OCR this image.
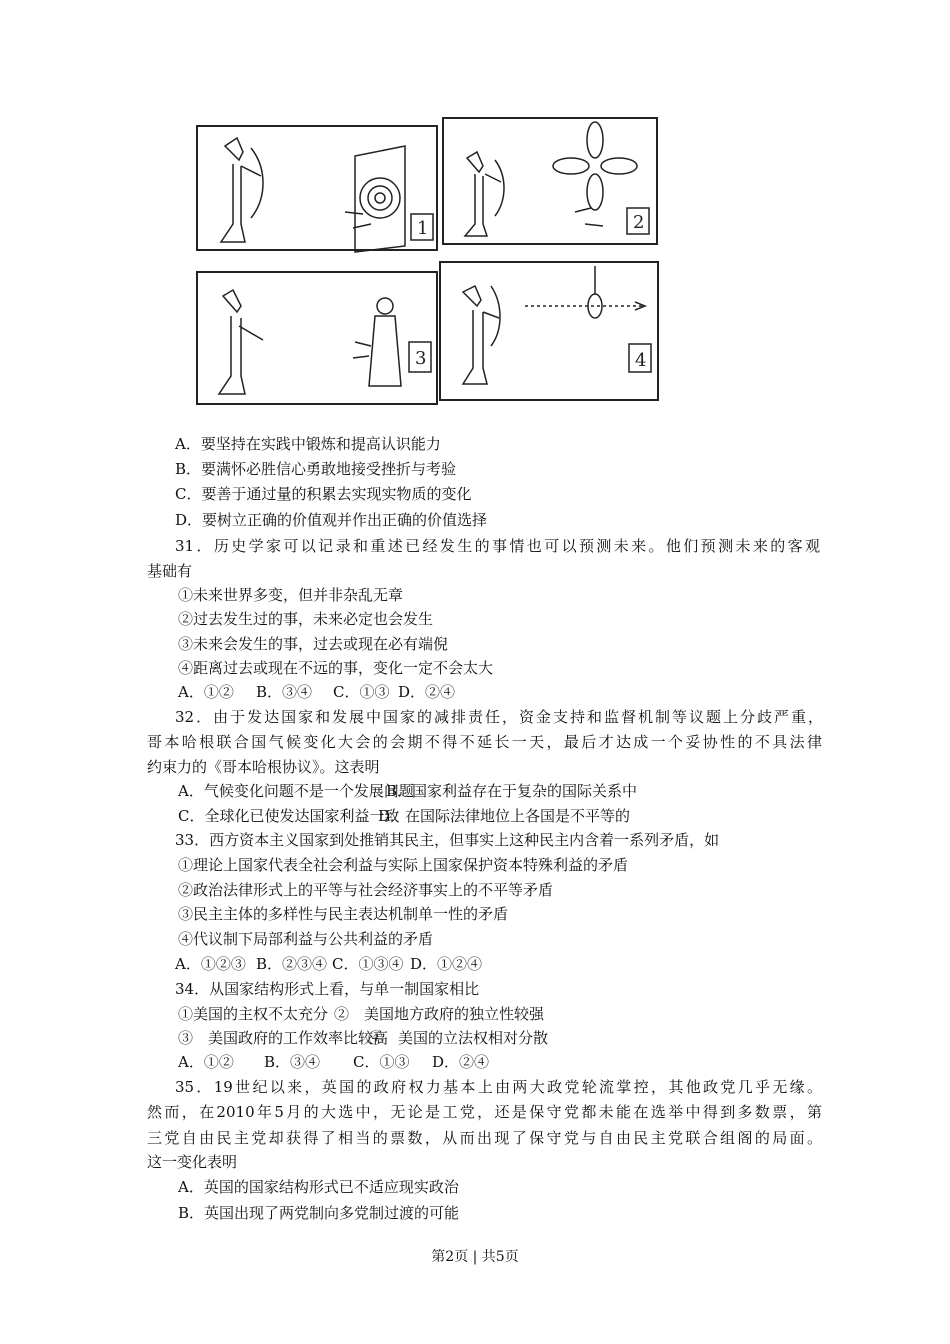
1	2
3	4
A．要坚持在实践中锻炼和提高认识能力
B．要满怀必胜信心勇敢地接受挫折与考验
C．要善于通过量的积累去实现实物质的变化
D．要树立正确的价值观并作出正确的价值选择
31．历史学家可以记录和重述已经发生的事情也可以预测未来。他们预测未来的客观
基础有
①未来世界多变，但并非杂乱无章
②过去发生过的事，未来必定也会发生
③未来会发生的事，过去或现在必有端倪
④距离过去或现在不远的事，变化一定不会太大
A．①② B．③④ C．①③ D．②④
32．由于发达国家和发展中国家的减排责任，资金支持和监督机制等议题上分歧严重，
哥本哈根联合国气候变化大会的会期不得不延长一天，最后才达成一个妥协性的不具法律
约束力的《哥本哈根协议》。这表明
A．气候变化问题不是一个发展问题
B．国家利益存在于复杂的国际关系中
C．全球化已使发达国家利益一致
D．在国际法律地位上各国是不平等的
33．西方资本主义国家到处推销其民主，但事实上这种民主内含着一系列矛盾，如
①理论上国家代表全社会利益与实际上国家保护资本特殊利益的矛盾
②政治法律形式上的平等与社会经济事实上的不平等矛盾
③民主主体的多样性与民主表达机制单一性的矛盾
④代议制下局部利益与公共利益的矛盾
A．①②③ B．②③④ C．①③④ D．①②④
34．从国家结构形式上看，与单一制国家相比
①美国的主权不太充分 ②　美国地方政府的独立性较强
③　美国政府的工作效率比较高
④　美国的立法权相对分散
A．①② B．③④ C．①③ D．②④
35．19世纪以来，英国的政府权力基本上由两大政党轮流掌控，其他政党几乎无缘。
然而，在2010年5月的大选中，无论是工党，还是保守党都未能在选举中得到多数票，第
三党自由民主党却获得了相当的票数，从而出现了保守党与自由民主党联合组阁的局面。
这一变化表明
A．英国的国家结构形式已不适应现实政治
B．英国出现了两党制向多党制过渡的可能
第2页 | 共5页
